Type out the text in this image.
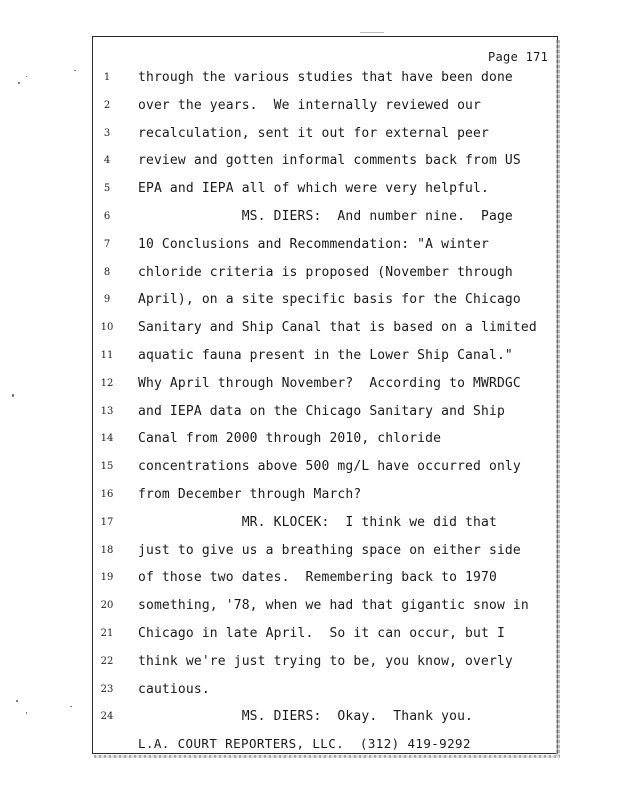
Page 171
1	through the various studies that have been done
2	over the years.  We internally reviewed our
3	recalculation, sent it out for external peer
4	review and gotten informal comments back from US
5	EPA and IEPA all of which were very helpful.
6	MS. DIERS:  And number nine.  Page
7	10 Conclusions and Recommendation: "A winter
8	chloride criteria is proposed (November through
9	April), on a site specific basis for the Chicago
10 Sanitary and Ship Canal that is based on a limited
11 aquatic fauna present in the Lower Ship Canal."
12 Why April through November?  According to MWRDGC
13 and IEPA data on the Chicago Sanitary and Ship
14 Canal from 2000 through 2010, chloride
15 concentrations above 500 mg/L have occurred only
16 from December through March?
17 MR. KLOCEK:  I think we did that
18 just to give us a breathing space on either side
19 of those two dates.  Remembering back to 1970
20 something, '78, when we had that gigantic snow in
21 Chicago in late April.  So it can occur, but I
22 think we're just trying to be, you know, overly
23 cautious.
24 MS. DIERS:  Okay.  Thank you.
L.A. COURT REPORTERS, LLC.  (312) 419-9292
